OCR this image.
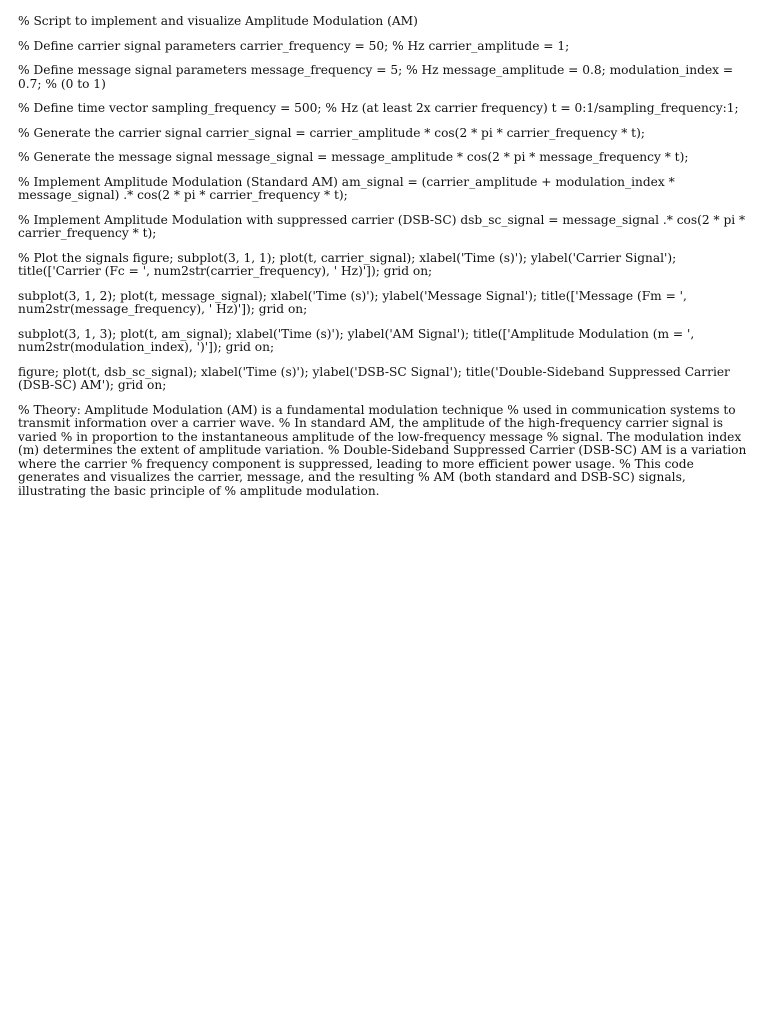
% Script to implement and visualize Amplitude Modulation (AM)

% Define carrier signal parameters carrier_frequency = 50; % Hz carrier_amplitude = 1;

% Define message signal parameters message_frequency = 5; % Hz message_amplitude = 0.8; modulation_index = 0.7; % (0 to 1)

% Define time vector sampling_frequency = 500; % Hz (at least 2x carrier frequency) t = 0:1/sampling_frequency:1;

% Generate the carrier signal carrier_signal = carrier_amplitude * cos(2 * pi * carrier_frequency * t);

% Generate the message signal message_signal = message_amplitude * cos(2 * pi * message_frequency * t);

% Implement Amplitude Modulation (Standard AM) am_signal = (carrier_amplitude + modulation_index * message_signal) .* cos(2 * pi * carrier_frequency * t);

% Implement Amplitude Modulation with suppressed carrier (DSB-SC) dsb_sc_signal = message_signal .* cos(2 * pi * carrier_frequency * t);

% Plot the signals figure; subplot(3, 1, 1); plot(t, carrier_signal); xlabel('Time (s)'); ylabel('Carrier Signal'); title(['Carrier (Fc = ', num2str(carrier_frequency), ' Hz)']); grid on;

subplot(3, 1, 2); plot(t, message_signal); xlabel('Time (s)'); ylabel('Message Signal'); title(['Message (Fm = ', num2str(message_frequency), ' Hz)']); grid on;

subplot(3, 1, 3); plot(t, am_signal); xlabel('Time (s)'); ylabel('AM Signal'); title(['Amplitude Modulation (m = ', num2str(modulation_index), ')']); grid on;

figure; plot(t, dsb_sc_signal); xlabel('Time (s)'); ylabel('DSB-SC Signal'); title('Double-Sideband Suppressed Carrier (DSB-SC) AM'); grid on;

% Theory: Amplitude Modulation (AM) is a fundamental modulation technique % used in communication systems to transmit information over a carrier wave. % In standard AM, the amplitude of the high-frequency carrier signal is varied % in proportion to the instantaneous amplitude of the low-frequency message % signal. The modulation index (m) determines the extent of amplitude variation. % Double-Sideband Suppressed Carrier (DSB-SC) AM is a variation where the carrier % frequency component is suppressed, leading to more efficient power usage. % This code generates and visualizes the carrier, message, and the resulting % AM (both standard and DSB-SC) signals, illustrating the basic principle of % amplitude modulation.
